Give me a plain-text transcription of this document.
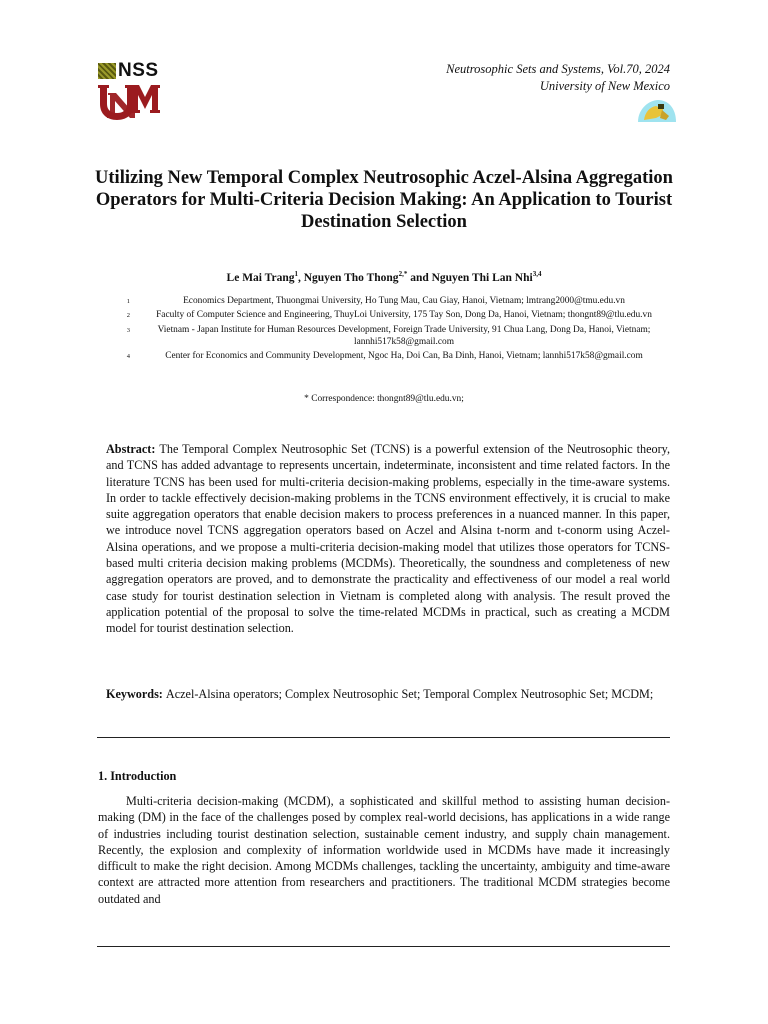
NSS	Neutrosophic Sets and Systems, Vol.70, 2024
University of New Mexico
Utilizing New Temporal Complex Neutrosophic Aczel-Alsina Aggregation Operators for Multi-Criteria Decision Making: An Application to Tourist Destination Selection
Le Mai Trang$^1$, Nguyen Tho Thong$^{2,*}$ and Nguyen Thi Lan Nhi$^{3,4}$
1	Economics Department, Thuongmai University, Ho Tung Mau, Cau Giay, Hanoi, Vietnam; lmtrang2000@tmu.edu.vn
2	Faculty of Computer Science and Engineering, ThuyLoi University, 175 Tay Son, Dong Da, Hanoi, Vietnam; thongnt89@tlu.edu.vn
3	Vietnam - Japan Institute for Human Resources Development, Foreign Trade University, 91 Chua Lang, Dong Da, Hanoi, Vietnam; lannhi517k58@gmail.com
4	Center for Economics and Community Development, Ngoc Ha, Doi Can, Ba Dinh, Hanoi, Vietnam; lannhi517k58@gmail.com
* Correspondence: thongnt89@tlu.edu.vn;
Abstract: The Temporal Complex Neutrosophic Set (TCNS) is a powerful extension of the Neutrosophic theory, and TCNS has added advantage to represents uncertain, indeterminate, inconsistent and time related factors. In the literature TCNS has been used for multi-criteria decision-making problems, especially in the time-aware systems. In order to tackle effectively decision-making problems in the TCNS environment effectively, it is crucial to make suite aggregation operators that enable decision makers to process preferences in a nuanced manner. In this paper, we introduce novel TCNS aggregation operators based on Aczel and Alsina t-norm and t-conorm using Aczel-Alsina operations, and we propose a multi-criteria decision-making model that utilizes those operators for TCNS-based multi criteria decision making problems (MCDMs). Theoretically, the soundness and completeness of new aggregation operators are proved, and to demonstrate the practicality and effectiveness of our model a real world case study for tourist destination selection in Vietnam is completed along with analysis. The result proved the application potential of the proposal to solve the time-related MCDMs in practical, such as creating a MCDM model for tourist destination selection.
Keywords: Aczel-Alsina operators; Complex Neutrosophic Set; Temporal Complex Neutrosophic Set; MCDM;
1. Introduction
Multi-criteria decision-making (MCDM), a sophisticated and skillful method to assisting human decision-making (DM) in the face of the challenges posed by complex real-world decisions, has applications in a wide range of industries including tourist destination selection, sustainable cement industry, and supply chain management. Recently, the explosion and complexity of information worldwide used in MCDMs have made it increasingly difficult to make the right decision. Among MCDMs challenges, tackling the uncertainty, ambiguity and time-aware context are attracted more attention from researchers and practitioners. The traditional MCDM strategies become outdated and
